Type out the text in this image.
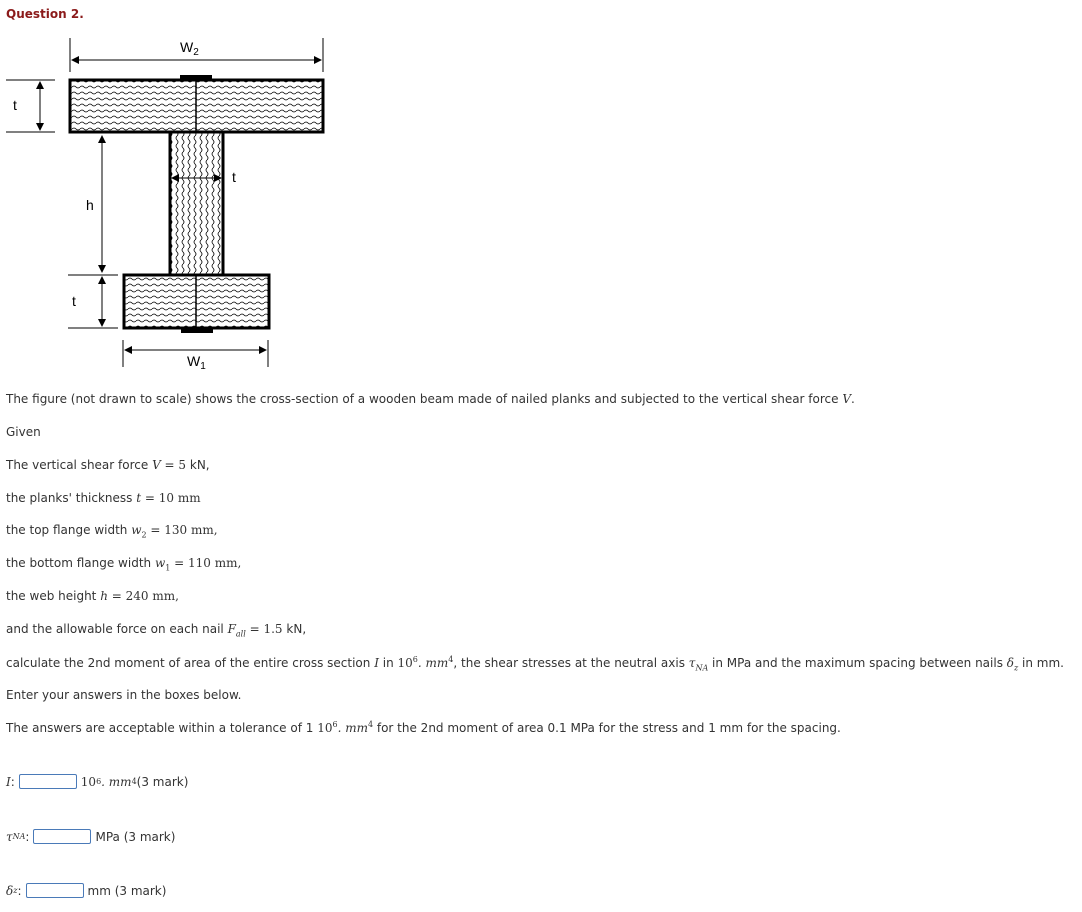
Question 2.
$W_2$
t
t
h
t
$W_1$
The figure (not drawn to scale) shows the cross-section of a wooden beam made of nailed planks and subjected to the vertical shear force V.
Given
The vertical shear force V = 5 kN,
the planks' thickness t = 10 mm
the top flange width $w_2 = 130$ mm,
the bottom flange width $w_1 = 110$ mm,
the web height h = 240 mm,
and the allowable force on each nail $F_{all} = 1.5$ kN,
calculate the 2nd moment of area of the entire cross section I in $10^6$. $mm^4$, the shear stresses at the neutral axis $\tau_{NA}$ in MPa and the maximum spacing between nails $\delta_z$ in mm.
Enter your answers in the boxes below.
The answers are acceptable within a tolerance of 1 $10^6$. $mm^4$ for the 2nd moment of area 0.1 MPa for the stress and 1 mm for the spacing.
I :	10 6 . mm 4 (3 mark)
τ NA :	MPa (3 mark)
δ z :	mm (3 mark)
